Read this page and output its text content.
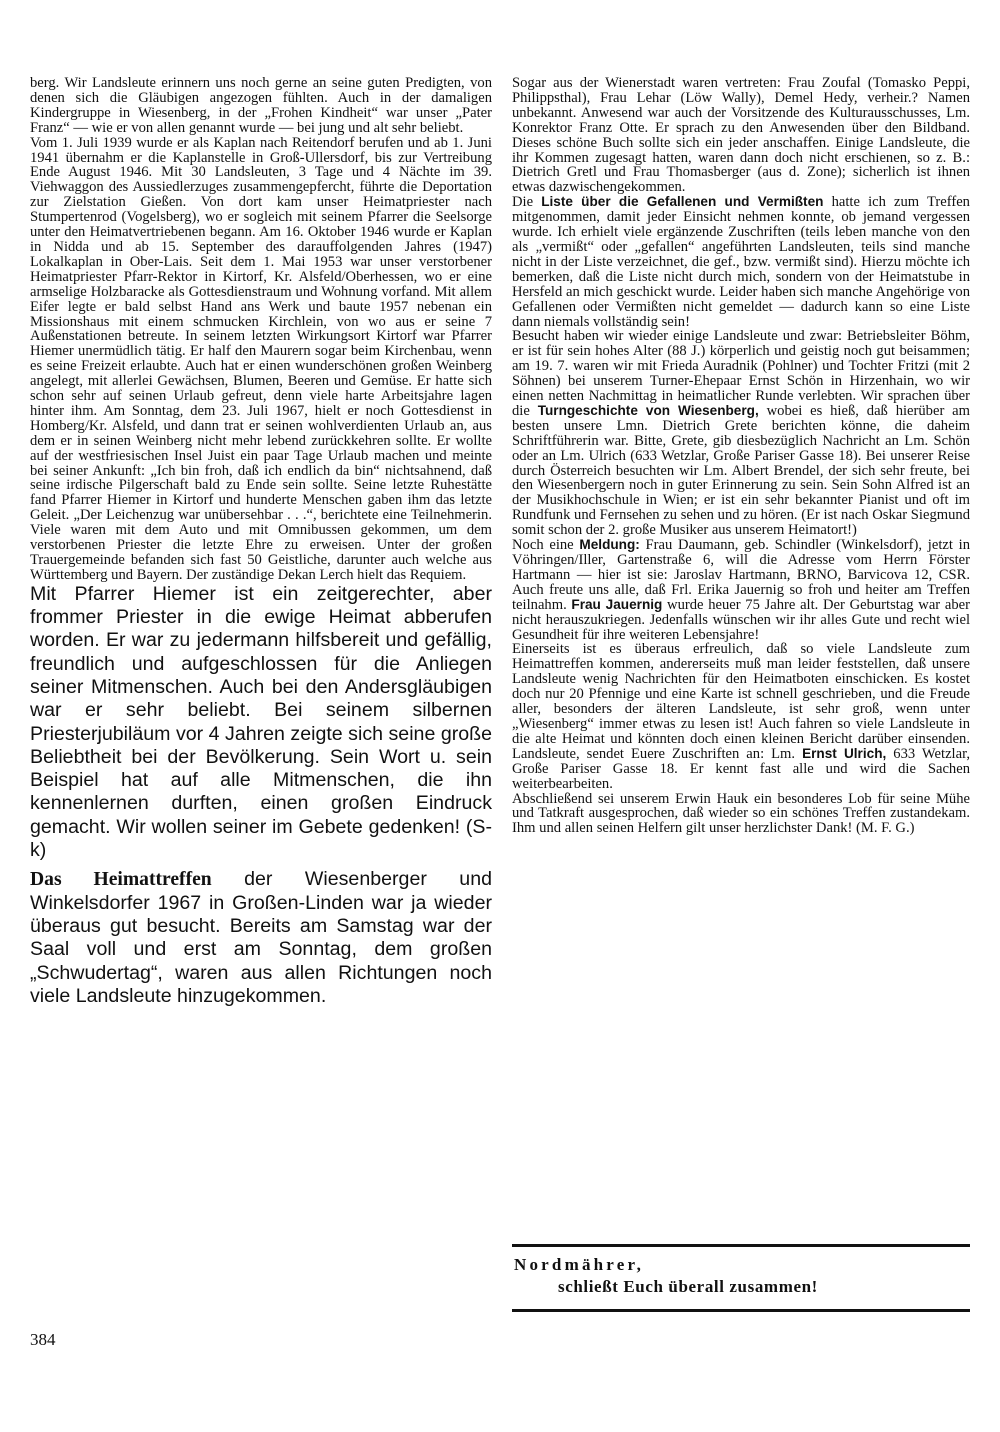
berg. Wir Landsleute erinnern uns noch gerne an seine guten Predigten, von denen sich die Gläubigen angezogen fühlten. Auch in der damaligen Kindergruppe in Wiesenberg, in der „Frohen Kindheit“ war unser „Pater Franz“ — wie er von allen genannt wurde — bei jung und alt sehr beliebt.

Vom 1. Juli 1939 wurde er als Kaplan nach Reitendorf berufen und ab 1. Juni 1941 übernahm er die Kaplanstelle in Groß-Ullersdorf, bis zur Vertreibung Ende August 1946. Mit 30 Landsleuten, 3 Tage und 4 Nächte im 39. Viehwaggon des Aussiedlerzuges zusammengepfercht, führte die Deportation zur Zielstation Gießen. Von dort kam unser Heimatpriester nach Stumpertenrod (Vogelsberg), wo er sogleich mit seinem Pfarrer die Seelsorge unter den Heimatvertriebenen begann. Am 16. Oktober 1946 wurde er Kaplan in Nidda und ab 15. September des darauffolgenden Jahres (1947) Lokalkaplan in Ober-Lais. Seit dem 1. Mai 1953 war unser verstorbener Heimatpriester Pfarr-Rektor in Kirtorf, Kr. Alsfeld/Oberhessen, wo er eine armselige Holzbaracke als Gottesdienstraum und Wohnung vorfand. Mit allem Eifer legte er bald selbst Hand ans Werk und baute 1957 nebenan ein Missionshaus mit einem schmucken Kirchlein, von wo aus er seine 7 Außenstationen betreute. In seinem letzten Wirkungsort Kirtorf war Pfarrer Hiemer unermüdlich tätig. Er half den Maurern sogar beim Kirchenbau, wenn es seine Freizeit erlaubte. Auch hat er einen wunderschönen großen Weinberg angelegt, mit allerlei Gewächsen, Blumen, Beeren und Gemüse. Er hatte sich schon sehr auf seinen Urlaub gefreut, denn viele harte Arbeitsjahre lagen hinter ihm. Am Sonntag, dem 23. Juli 1967, hielt er noch Gottesdienst in Homberg/Kr. Alsfeld, und dann trat er seinen wohlverdienten Urlaub an, aus dem er in seinen Weinberg nicht mehr lebend zurückkehren sollte. Er wollte auf der westfriesischen Insel Juist ein paar Tage Urlaub machen und meinte bei seiner Ankunft: „Ich bin froh, daß ich endlich da bin“ nichtsahnend, daß seine irdische Pilgerschaft bald zu Ende sein sollte. Seine letzte Ruhestätte fand Pfarrer Hiemer in Kirtorf und hunderte Menschen gaben ihm das letzte Geleit. „Der Leichenzug war unübersehbar . . .“, berichtete eine Teilnehmerin. Viele waren mit dem Auto und mit Omnibussen gekommen, um dem verstorbenen Priester die letzte Ehre zu erweisen. Unter der großen Trauergemeinde befanden sich fast 50 Geistliche, darunter auch welche aus Württemberg und Bayern. Der zuständige Dekan Lerch hielt das Requiem.

Mit Pfarrer Hiemer ist ein zeitgerechter, aber frommer Priester in die ewige Heimat abberufen worden. Er war zu jedermann hilfsbereit und gefällig, freundlich und aufgeschlossen für die Anliegen seiner Mitmenschen. Auch bei den Andersgläubigen war er sehr beliebt. Bei seinem silbernen Priesterjubiläum vor 4 Jahren zeigte sich seine große Beliebtheit bei der Bevölkerung. Sein Wort u. sein Beispiel hat auf alle Mitmenschen, die ihn kennenlernen durften, einen großen Eindruck gemacht. Wir wollen seiner im Gebete gedenken! (S-k)

Das Heimattreffen der Wiesenberger und Winkelsdorfer 1967 in Großen-Linden war ja wieder überaus gut besucht. Bereits am Samstag war der Saal voll und erst am Sonntag, dem großen „Schwudertag“, waren aus allen Richtungen noch viele Landsleute hinzugekommen.

Sogar aus der Wienerstadt waren vertreten: Frau Zoufal (Tomasko Peppi, Philippsthal), Frau Lehar (Löw Wally), Demel Hedy, verheir.? Namen unbekannt. Anwesend war auch der Vorsitzende des Kulturausschusses, Lm. Konrektor Franz Otte. Er sprach zu den Anwesenden über den Bildband. Dieses schöne Buch sollte sich ein jeder anschaffen. Einige Landsleute, die ihr Kommen zugesagt hatten, waren dann doch nicht erschienen, so z. B.: Dietrich Gretl und Frau Thomasberger (aus d. Zone); sicherlich ist ihnen etwas dazwischengekommen.

Die Liste über die Gefallenen und Vermißten hatte ich zum Treffen mitgenommen, damit jeder Einsicht nehmen konnte, ob jemand vergessen wurde. Ich erhielt viele ergänzende Zuschriften (teils leben manche von den als „vermißt“ oder „gefallen“ angeführten Landsleuten, teils sind manche nicht in der Liste verzeichnet, die gef., bzw. vermißt sind). Hierzu möchte ich bemerken, daß die Liste nicht durch mich, sondern von der Heimatstube in Hersfeld an mich geschickt wurde. Leider haben sich manche Angehörige von Gefallenen oder Vermißten nicht gemeldet — dadurch kann so eine Liste dann niemals vollständig sein!

Besucht haben wir wieder einige Landsleute und zwar: Betriebsleiter Böhm, er ist für sein hohes Alter (88 J.) körperlich und geistig noch gut beisammen; am 19. 7. waren wir mit Frieda Auradnik (Pohlner) und Tochter Fritzi (mit 2 Söhnen) bei unserem Turner-Ehepaar Ernst Schön in Hirzenhain, wo wir einen netten Nachmittag in heimatlicher Runde verlebten. Wir sprachen über die Turngeschichte von Wiesenberg, wobei es hieß, daß hierüber am besten unsere Lmn. Dietrich Grete berichten könne, die daheim Schriftführerin war. Bitte, Grete, gib diesbezüglich Nachricht an Lm. Schön oder an Lm. Ulrich (633 Wetzlar, Große Pariser Gasse 18). Bei unserer Reise durch Österreich besuchten wir Lm. Albert Brendel, der sich sehr freute, bei den Wiesenbergern noch in guter Erinnerung zu sein. Sein Sohn Alfred ist an der Musikhochschule in Wien; er ist ein sehr bekannter Pianist und oft im Rundfunk und Fernsehen zu sehen und zu hören. (Er ist nach Oskar Siegmund somit schon der 2. große Musiker aus unserem Heimatort!)

Noch eine Meldung: Frau Daumann, geb. Schindler (Winkelsdorf), jetzt in Vöhringen/Iller, Gartenstraße 6, will die Adresse vom Herrn Förster Hartmann — hier ist sie: Jaroslav Hartmann, BRNO, Barvicova 12, CSR. Auch freute uns alle, daß Frl. Erika Jauernig so froh und heiter am Treffen teilnahm. Frau Jauernig wurde heuer 75 Jahre alt. Der Geburtstag war aber nicht herauszukriegen. Jedenfalls wünschen wir ihr alles Gute und recht wiel Gesundheit für ihre weiteren Lebensjahre!

Einerseits ist es überaus erfreulich, daß so viele Landsleute zum Heimattreffen kommen, andererseits muß man leider feststellen, daß unsere Landsleute wenig Nachrichten für den Heimatboten einschicken. Es kostet doch nur 20 Pfennige und eine Karte ist schnell geschrieben, und die Freude aller, besonders der älteren Landsleute, ist sehr groß, wenn unter „Wiesenberg“ immer etwas zu lesen ist! Auch fahren so viele Landsleute in die alte Heimat und könnten doch einen kleinen Bericht darüber einsenden. Landsleute, sendet Euere Zuschriften an: Lm. Ernst Ulrich, 633 Wetzlar, Große Pariser Gasse 18. Er kennt fast alle und wird die Sachen weiterbearbeiten.

Abschließend sei unserem Erwin Hauk ein besonderes Lob für seine Mühe und Tatkraft ausgesprochen, daß wieder so ein schönes Treffen zustandekam. Ihm und allen seinen Helfern gilt unser herzlichster Dank! (M. F. G.)

Nordmährer,
schließt Euch überall zusammen!
384
